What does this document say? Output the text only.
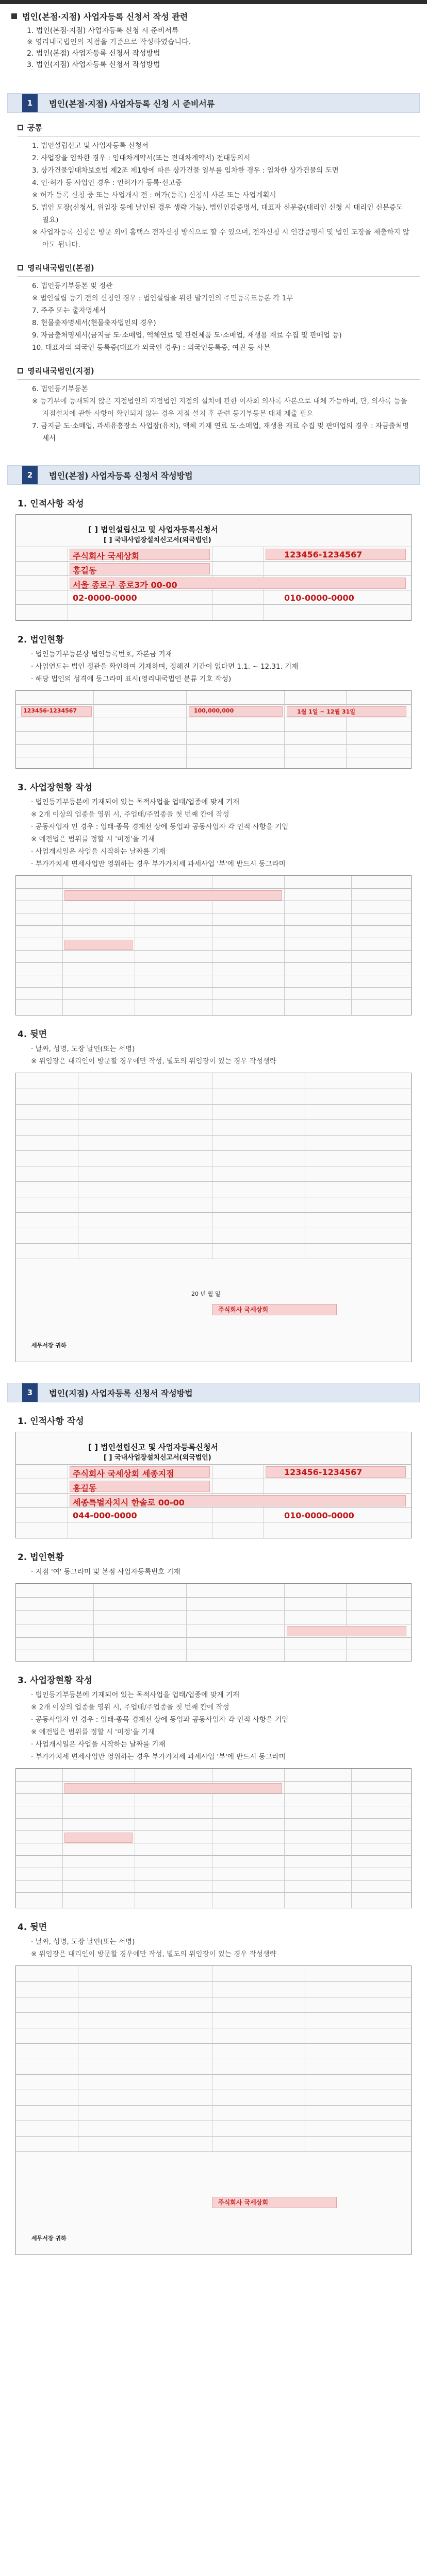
법인(본점·지점) 사업자등록 신청서 작성 관련
1. 법인(본점·지점) 사업자등록 신청 시 준비서류
※ 영리내국법인의 지점을 기준으로 작성하였습니다.
2. 법인(본점) 사업자등록 신청서 작성방법
3. 법인(지점) 사업자등록 신청서 작성방법
1	법인(본점·지점) 사업자등록 신청 시 준비서류
공통
1. 법인설립신고 및 사업자등록 신청서
2. 사업장을 임차한 경우 : 임대차계약서(또는 전대차계약서) 전대동의서
3. 상가건물임대차보호법 제2조 제1항에 따른 상가건물 일부를 임차한 경우 : 임차한 상가건물의 도면
4. 인·허가 등 사업인 경우 : 인허가가 등록·신고증
※ 허가 등록 신청 중 또는 사업개시 전 : 허가(등록) 신청서 사본 또는 사업계획서
5. 법인 도장(신청서, 위임장 등에 날인된 경우 생략 가능), 법인인감증명서, 대표자 신분증(대리인 신청 시 대리인 신분증도 필요)
※ 사업자등록 신청은 방문 외에 홈택스 전자신청 방식으로 할 수 있으며, 전자신청 시 인감증명서 및 법인 도장을 제출하지 않아도 됩니다.
영리내국법인(본점)
6. 법인등기부등본 및 정관
※ 법인설립 등기 전의 신청인 경우 : 법인설립을 위한 발기인의 주민등록표등본 각 1부
7. 주주 또는 출자명세서
8. 현물출자명세서(현물출자법인의 경우)
9. 자금출처명세서(금지금 도·소매업, 액체연료 및 관련제품 도·소매업, 재생용 재료 수집 및 판매업 등)
10. 대표자의 외국인 등록증(대표가 외국인 경우) : 외국인등록증, 여권 등 사본
영리내국법인(지점)
6. 법인등기부등본
※ 등기부에 등재되지 않은 지점법인의 지점법인 지점의 설치에 관한 이사회 의사록 사본으로 대체 가능하며, 단, 의사록 등을 지점설치에 관한 사항이 확인되지 않는 경우 지점 설치 후 관련 등기부등본 대체 제출 필요
7. 금지금 도·소매업, 과세유흥장소 사업장(유치), 액체 기재 연료 도·소매업, 재생용 재료 수집 및 판매업의 경우 : 자금출처명세서
2	법인(본점) 사업자등록 신청서 작성방법
1. 인적사항 작성
[ ] 법인설립신고 및 사업자등록신청서
[ ] 국내사업장설치신고서(외국법인)
주식회사 국세상회	123456-1234567
홍길동
서울 종로구 종로3가 00-00
02-0000-0000	010-0000-0000
2. 법인현황
· 법인등기부등본상 법인등록번호, 자본금 기재
· 사업연도는 법인 정관을 확인하여 기재하며, 정해진 기간이 없다면 1.1. ~ 12.31. 기재
· 해당 법인의 성격에 동그라미 표시(영리내국법인 분류 기호 작성)
123456-1234567	100,000,000	1월 1일 ~ 12월 31일
3. 사업장현황 작성
· 법인등기부등본에 기재되어 있는 목적사업을 업태/업종에 맞게 기재
※ 2개 이상의 업종을 영위 시, 주업태/주업종을 첫 번째 칸에 작성
· 공동사업자 인 경우 : 업태·종목 경계선 상에 동업과 공동사업자 각 인적 사항을 기입
※ 예전법은 범위를 정할 시 '미정'을 기재
· 사업개시일은 사업을 시작하는 날짜를 기재
· 부가가치세 면세사업만 영위하는 경우 부가가치세 과세사업 '부'에 반드시 동그라미
4. 뒷면
· 날짜, 성명, 도장 날인(또는 서명)
※ 위임장은 대리인이 방문할 경우에만 작성, 별도의 위임장이 있는 경우 작성생략
20 년 월 일
주식회사 국세상회
세무서장 귀하
3	법인(지점) 사업자등록 신청서 작성방법
1. 인적사항 작성
[ ] 법인설립신고 및 사업자등록신청서
[ ] 국내사업장설치신고서(외국법인)
주식회사 국세상회 세종지점	123456-1234567
홍길동
세종특별자치시 한솔로 00-00
044-000-0000	010-0000-0000
2. 법인현황
· 지점 '여' 동그라미 및 본점 사업자등록번호 기재
3. 사업장현황 작성
· 법인등기부등본에 기재되어 있는 목적사업을 업태/업종에 맞게 기재
※ 2개 이상의 업종을 영위 시, 주업태/주업종을 첫 번째 칸에 작성
· 공동사업자 인 경우 : 업태·종목 경계선 상에 동업과 공동사업자 각 인적 사항을 기입
※ 예전법은 범위를 정할 시 '미정'을 기재
· 사업개시일은 사업을 시작하는 날짜를 기재
· 부가가치세 면세사업만 영위하는 경우 부가가치세 과세사업 '부'에 반드시 동그라미
4. 뒷면
· 날짜, 성명, 도장 날인(또는 서명)
※ 위임장은 대리인이 방문할 경우에만 작성, 별도의 위임장이 있는 경우 작성생략
주식회사 국세상회
세무서장 귀하
